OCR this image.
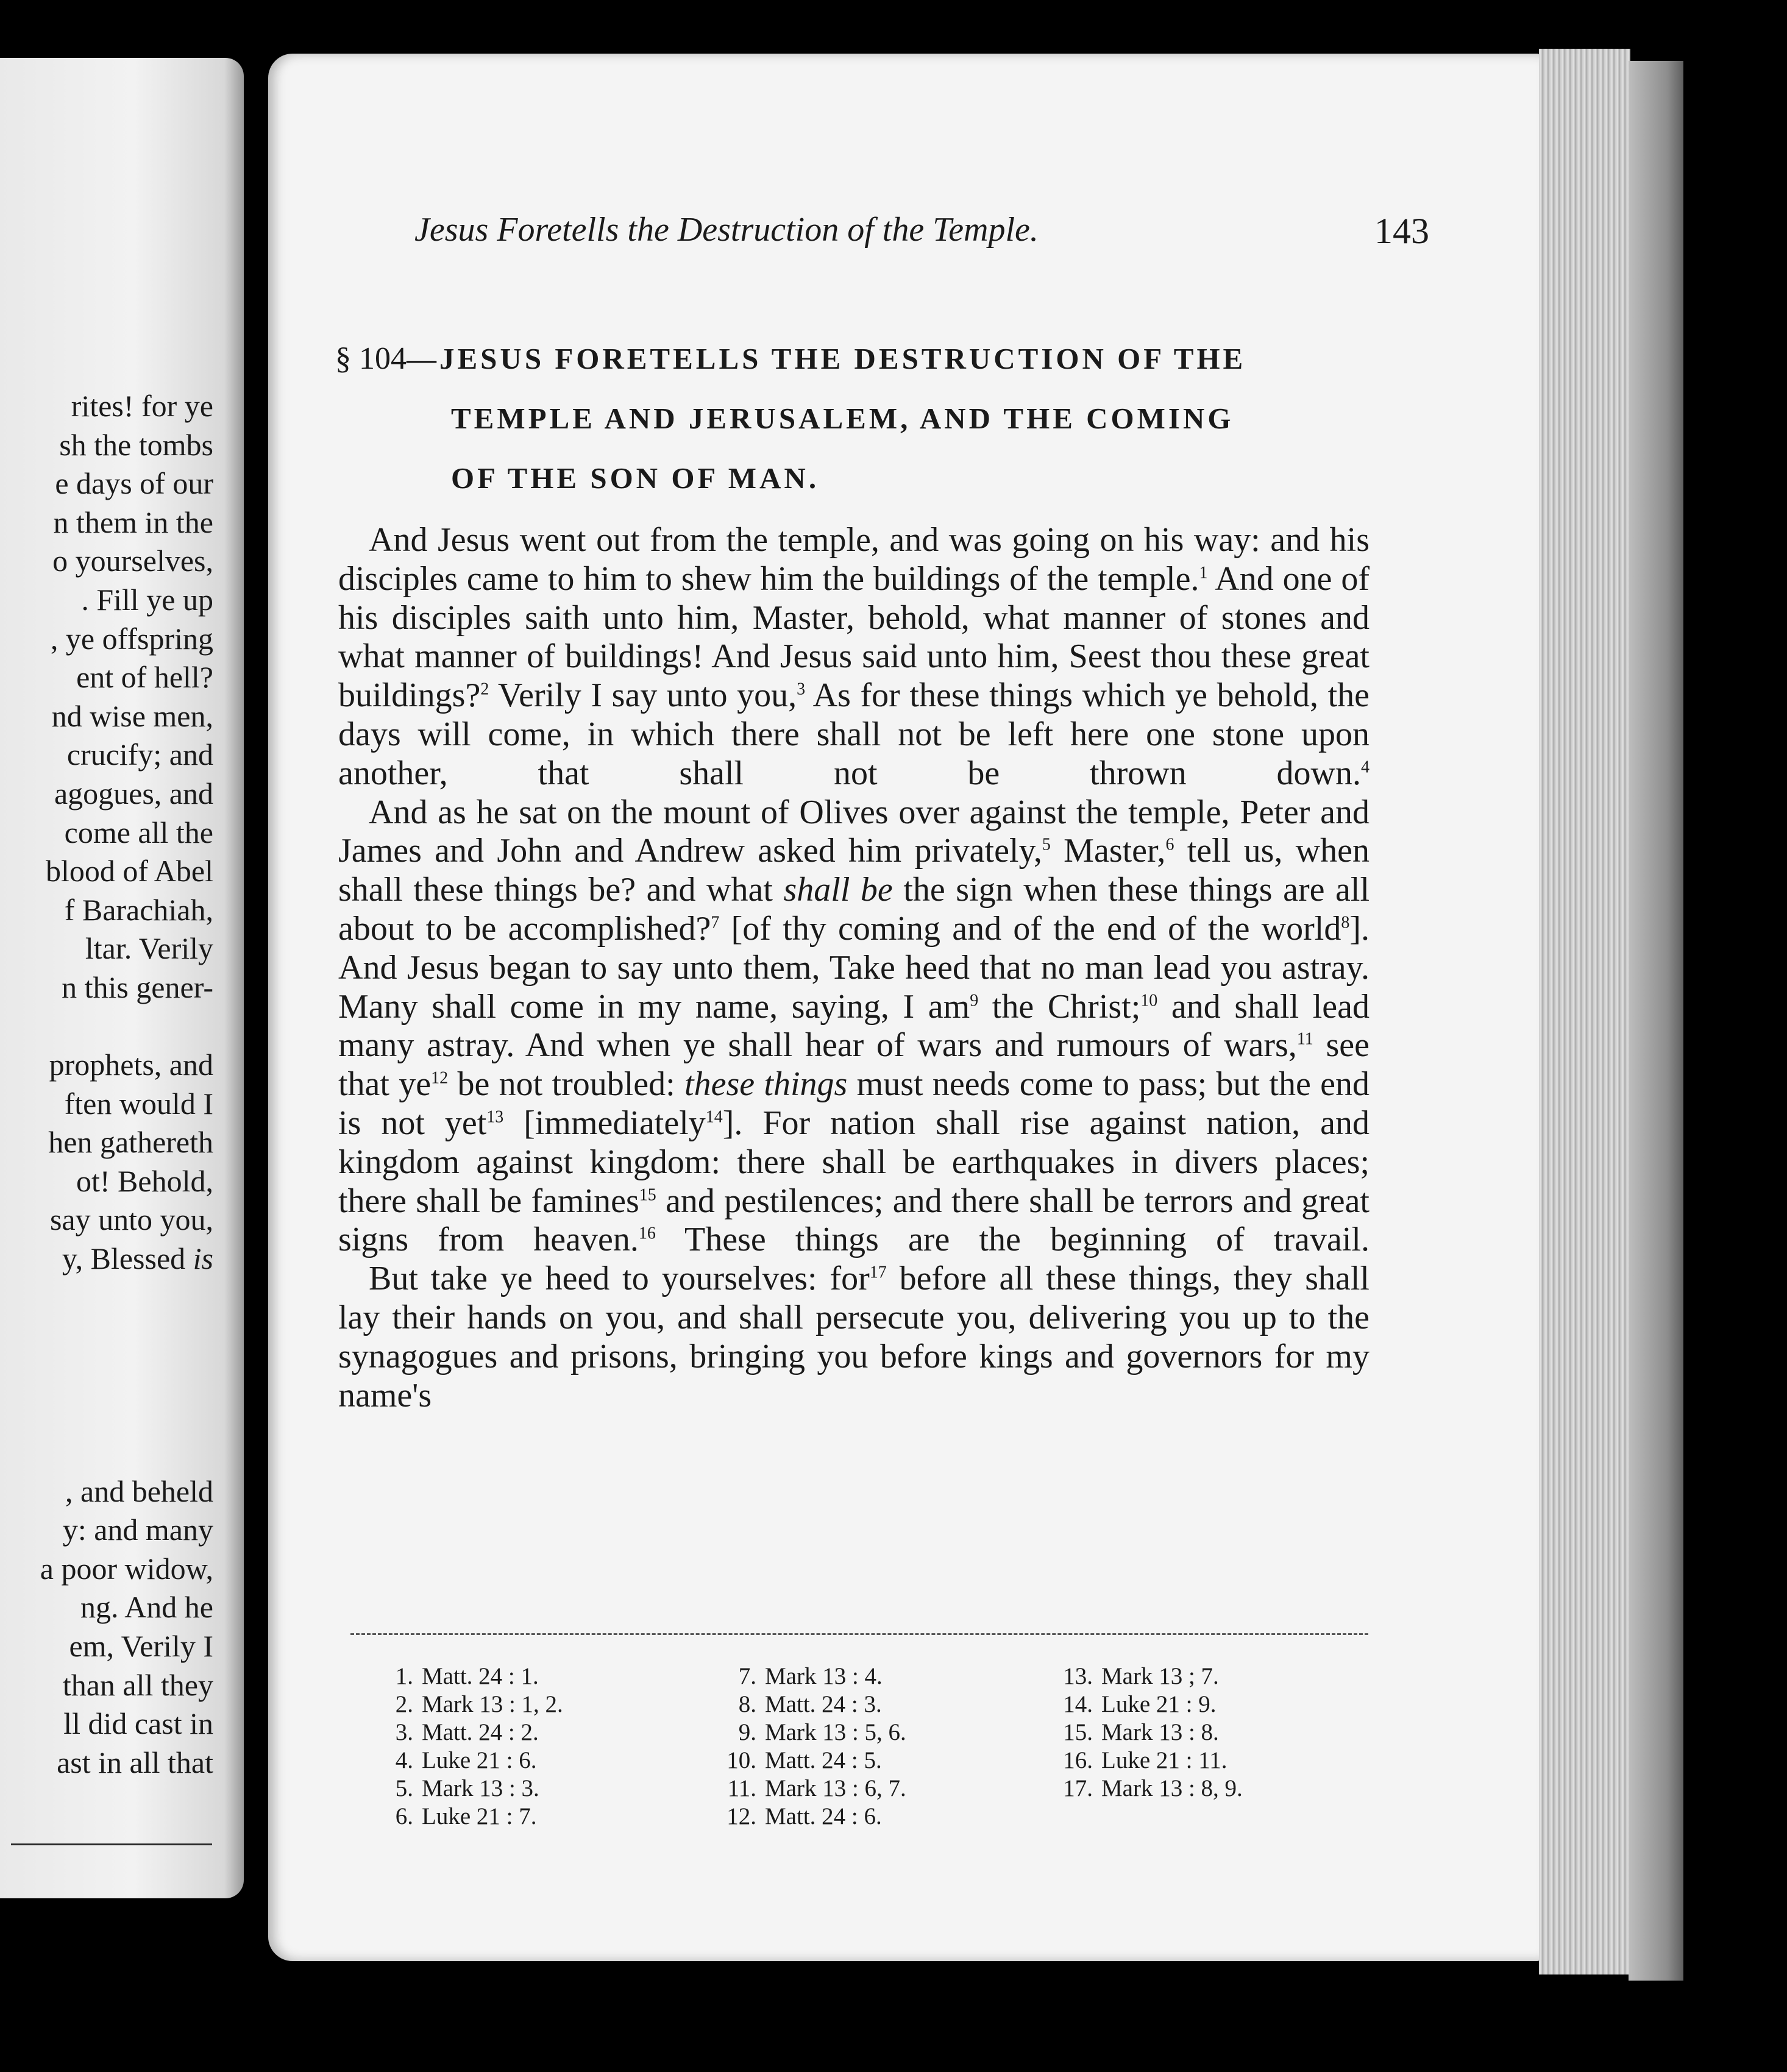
rites! for ye
sh the tombs
e days of our
n them in the
o yourselves,
. Fill ye up
, ye offspring
ent of hell?
nd wise men,
crucify; and
agogues, and
come all the
blood of Abel
f Barachiah,
ltar. Verily
n this gener-
prophets, and
ften would I
hen gathereth
ot! Behold,
say unto you,
y, Blessed is
, and beheld
y: and many
a poor widow,
ng. And he
em, Verily I
than all they
ll did cast in
ast in all that
Jesus Foretells the Destruction of the Temple.	143
§ 104—JESUS FORETELLS THE DESTRUCTION OF THE
TEMPLE AND JERUSALEM, AND THE COMING
OF THE SON OF MAN.

And Jesus went out from the temple, and was going on his way: and his disciples came to him to shew him the buildings of the temple.$^1$ And one of his disciples saith unto him, Master, behold, what manner of stones and what manner of buildings! And Jesus said unto him, Seest thou these great buildings?$^2$ Verily I say unto you,$^3$ As for these things which ye behold, the days will come, in which there shall not be left here one stone upon another, that shall not be thrown down.$^4$

And as he sat on the mount of Olives over against the temple, Peter and James and John and Andrew asked him privately,$^5$ Master,$^6$ tell us, when shall these things be? and what shall be the sign when these things are all about to be accomplished?$^7$ [of thy coming and of the end of the world$^8$]. And Jesus began to say unto them, Take heed that no man lead you astray. Many shall come in my name, saying, I $am^9$ the Christ;$^{10}$ and shall lead many astray. And when ye shall hear of wars and rumours of wars,$^{11}$ see that $ye^{12}$ be not troubled: these things must needs come to pass; but the end is not yet$^{13}$ [immediately$^{14}$]. For nation shall rise against nation, and kingdom against kingdom: there shall be earthquakes in divers places; there shall be famines$^{15}$ and pestilences; and there shall be terrors and great signs from heaven.$^{16}$ These things are the beginning of travail.

But take ye heed to yourselves: for$^{17}$ before all these things, they shall lay their hands on you, and shall persecute you, delivering you up to the synagogues and prisons, bringing you before kings and governors for my name's

1. Matt. 24 : 1.
2. Mark 13 : 1, 2.
3. Matt. 24 : 2.
4. Luke 21 : 6.
5. Mark 13 : 3.
6. Luke 21 : 7.
7. Mark 13 : 4.
8. Matt. 24 : 3.
9. Mark 13 : 5, 6.
10. Matt. 24 : 5.
11. Mark 13 : 6, 7.
12. Matt. 24 : 6.
13. Mark 13 ; 7.
14. Luke 21 : 9.
15. Mark 13 : 8.
16. Luke 21 : 11.
17. Mark 13 : 8, 9.
